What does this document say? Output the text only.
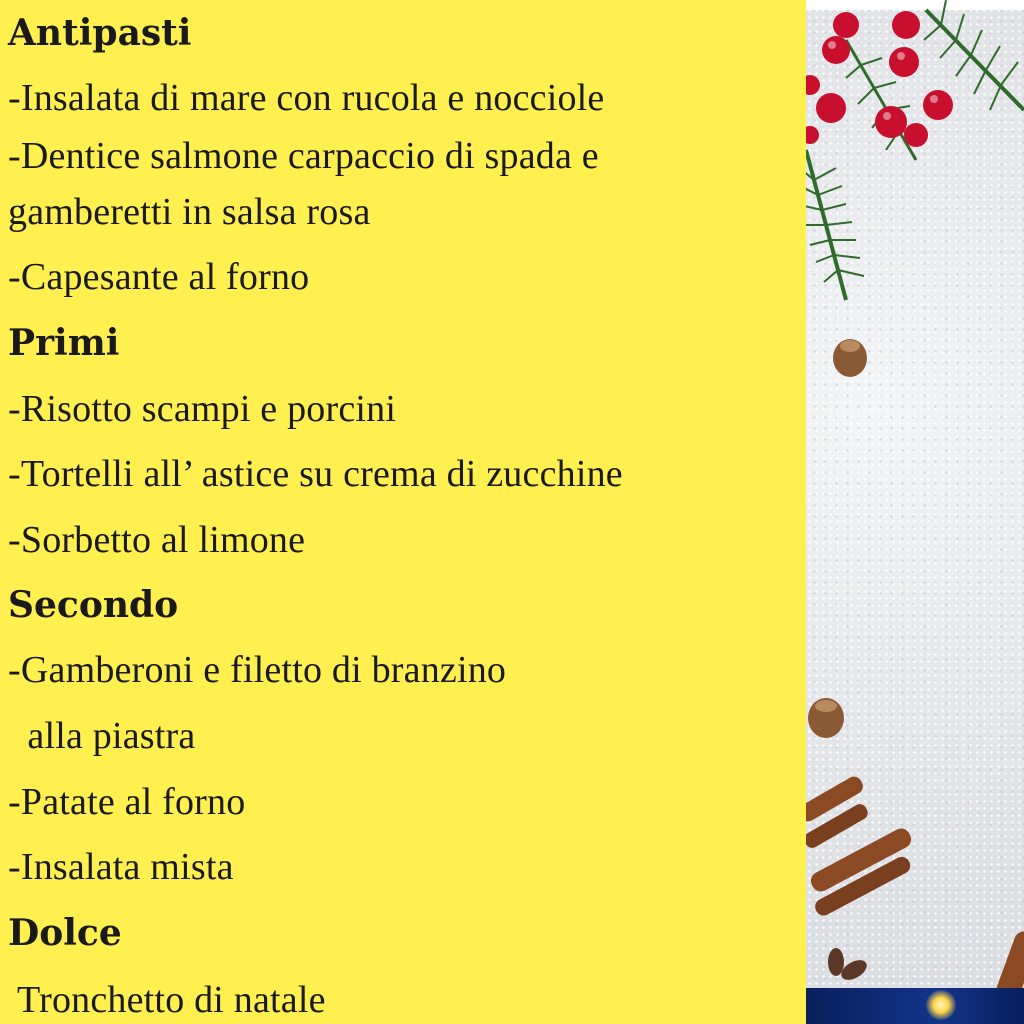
Antipasti

-Insalata di mare con rucola e nocciole

-Dentice salmone carpaccio di spada e

gamberetti in salsa rosa

-Capesante al forno

Primi

-Risotto scampi e porcini

-Tortelli all’ astice su crema di zucchine

-Sorbetto al limone

Secondo

-Gamberoni e filetto di branzino

alla piastra

-Patate al forno

-Insalata mista

Dolce

Tronchetto di natale
